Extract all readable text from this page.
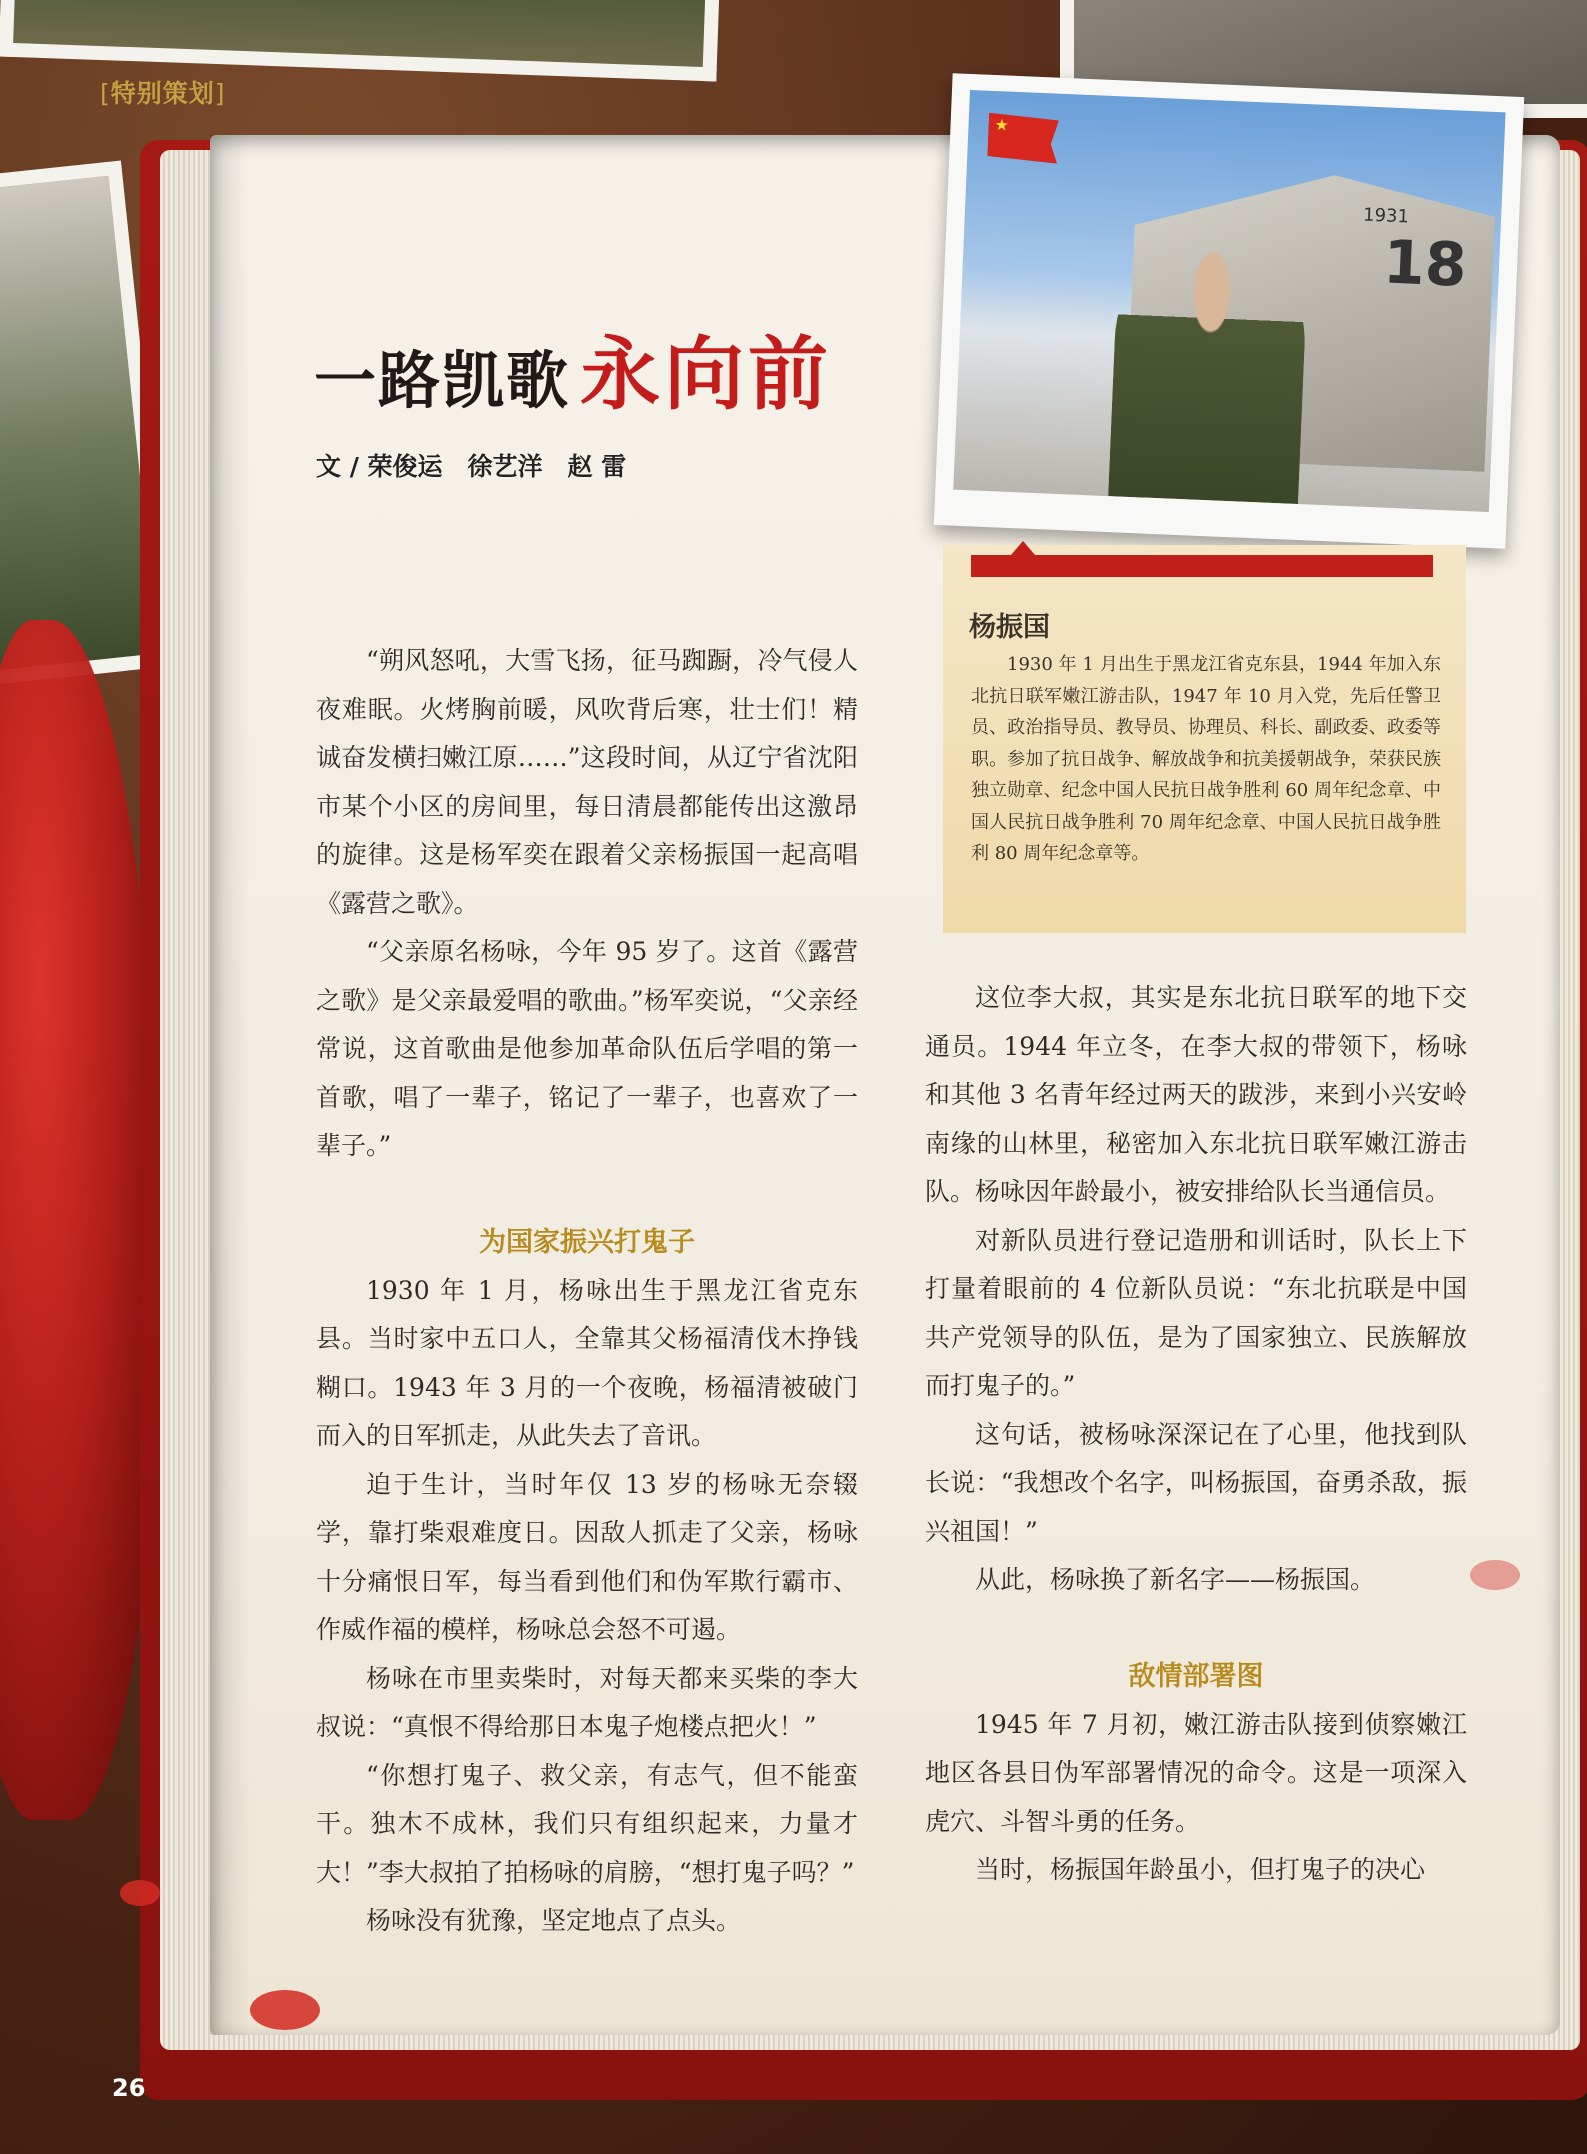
[特别策划]
一路凯歌 永向前
文 / 荣俊运　徐艺洋　赵 雷
★
1931
18
杨振国
1930 年 1 月出生于黑龙江省克东县，1944 年加入东北抗日联军嫩江游击队，1947 年 10 月入党，先后任警卫员、政治指导员、教导员、协理员、科长、副政委、政委等职。参加了抗日战争、解放战争和抗美援朝战争，荣获民族独立勋章、纪念中国人民抗日战争胜利 60 周年纪念章、中国人民抗日战争胜利 70 周年纪念章、中国人民抗日战争胜利 80 周年纪念章等。

“朔风怒吼，大雪飞扬，征马踟蹰，冷气侵人夜难眠。火烤胸前暖，风吹背后寒，壮士们！精诚奋发横扫嫩江原……”这段时间，从辽宁省沈阳市某个小区的房间里，每日清晨都能传出这激昂的旋律。这是杨军奕在跟着父亲杨振国一起高唱《露营之歌》。

“父亲原名杨咏，今年 95 岁了。这首《露营之歌》是父亲最爱唱的歌曲。”杨军奕说，“父亲经常说，这首歌曲是他参加革命队伍后学唱的第一首歌，唱了一辈子，铭记了一辈子，也喜欢了一辈子。”

为国家振兴打鬼子

1930 年 1 月，杨咏出生于黑龙江省克东县。当时家中五口人，全靠其父杨福清伐木挣钱糊口。1943 年 3 月的一个夜晚，杨福清被破门而入的日军抓走，从此失去了音讯。

迫于生计，当时年仅 13 岁的杨咏无奈辍学，靠打柴艰难度日。因敌人抓走了父亲，杨咏十分痛恨日军，每当看到他们和伪军欺行霸市、作威作福的模样，杨咏总会怒不可遏。

杨咏在市里卖柴时，对每天都来买柴的李大叔说：“真恨不得给那日本鬼子炮楼点把火！”

“你想打鬼子、救父亲，有志气，但不能蛮干。独木不成林，我们只有组织起来，力量才大！”李大叔拍了拍杨咏的肩膀，“想打鬼子吗？”

杨咏没有犹豫，坚定地点了点头。

这位李大叔，其实是东北抗日联军的地下交通员。1944 年立冬，在李大叔的带领下，杨咏和其他 3 名青年经过两天的跋涉，来到小兴安岭南缘的山林里，秘密加入东北抗日联军嫩江游击队。杨咏因年龄最小，被安排给队长当通信员。

对新队员进行登记造册和训话时，队长上下打量着眼前的 4 位新队员说：“东北抗联是中国共产党领导的队伍，是为了国家独立、民族解放而打鬼子的。”

这句话，被杨咏深深记在了心里，他找到队长说：“我想改个名字，叫杨振国，奋勇杀敌，振兴祖国！”

从此，杨咏换了新名字——杨振国。

敌情部署图

1945 年 7 月初，嫩江游击队接到侦察嫩江地区各县日伪军部署情况的命令。这是一项深入虎穴、斗智斗勇的任务。

当时，杨振国年龄虽小，但打鬼子的决心

26
